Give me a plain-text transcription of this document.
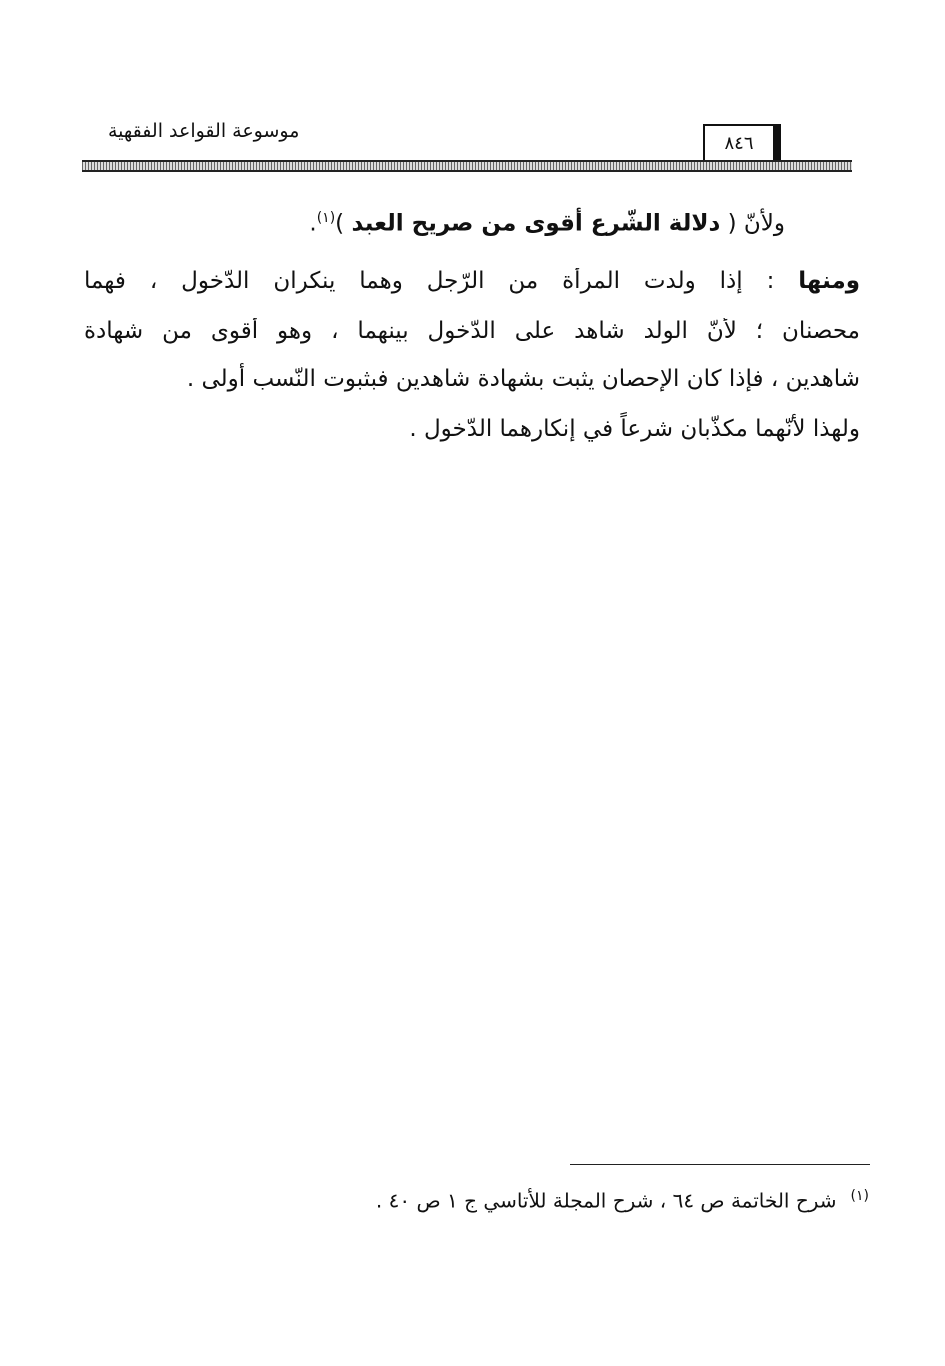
٨٤٦
موسوعة القواعد الفقهية
ولأنّ ( دلالة الشّرع أقوى من صريح العبد )$^{(١)}$.
ومنها : إذا ولدت المرأة من الرّجل وهما ينكران الدّخول ، فهما
محصنان ؛ لأنّ الولد شاهد على الدّخول بينهما ، وهو أقوى من شهادة
شاهدين ، فإذا كان الإحصان يثبت بشهادة شاهدين فبثبوت النّسب أولى .
ولهذا لأنّهما مكذّبان شرعاً في إنكارهما الدّخول .
$^{(١)}$شرح الخاتمة ص ٦٤ ، شرح المجلة للأتاسي ج ١ ص ٤٠ .
